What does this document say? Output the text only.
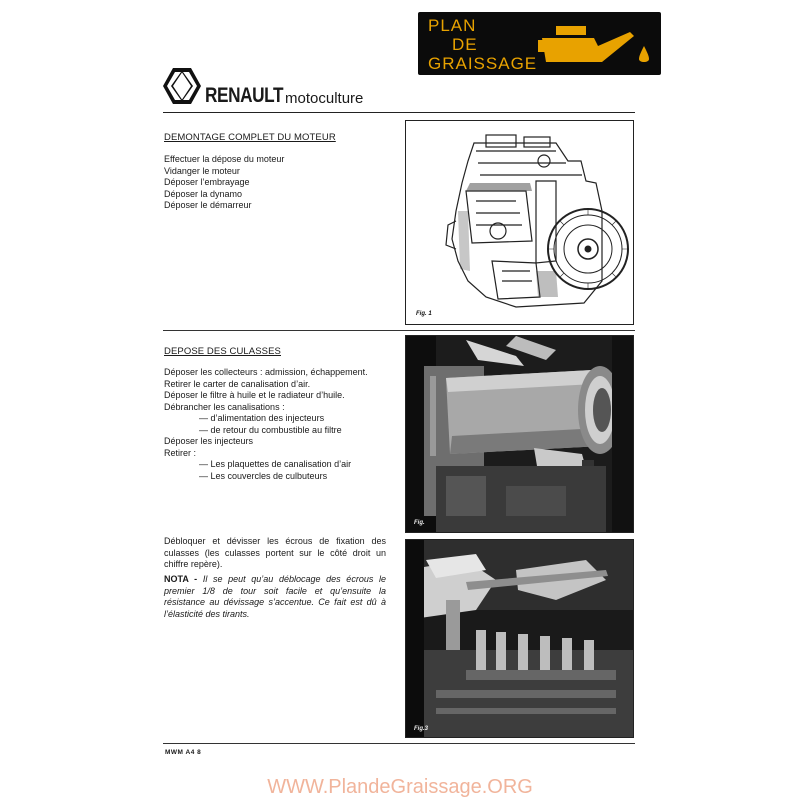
PLAN
DE
GRAISSAGE
RENAULT motoculture
DEMONTAGE COMPLET DU MOTEUR
Effectuer la dépose du moteur
Vidanger le moteur
Déposer l’embrayage
Déposer la dynamo
Déposer le démarreur
Fig. 1
DEPOSE DES CULASSES
Déposer les collecteurs : admission, échappement.
Retirer le carter de canalisation d’air.
Déposer le filtre à huile et le radiateur d’huile.
Débrancher les canalisations :
— d’alimentation des injecteurs
— de retour du combustible au filtre
Déposer les injecteurs
Retirer :
— Les plaquettes de canalisation d’air
— Les couvercles de culbuteurs
Fig.
Débloquer et dévisser les écrous de fixation des culasses (les culasses portent sur le côté droit un chiffre repère).
NOTA - Il se peut qu’au déblocage des écrous le premier 1/8 de tour soit facile et qu’ensuite la résistance au dévissage s’accentue. Ce fait est dû à l’élasticité des tirants.
Fig.3
MWM A4 8
WWW.PlandeGraissage.ORG
